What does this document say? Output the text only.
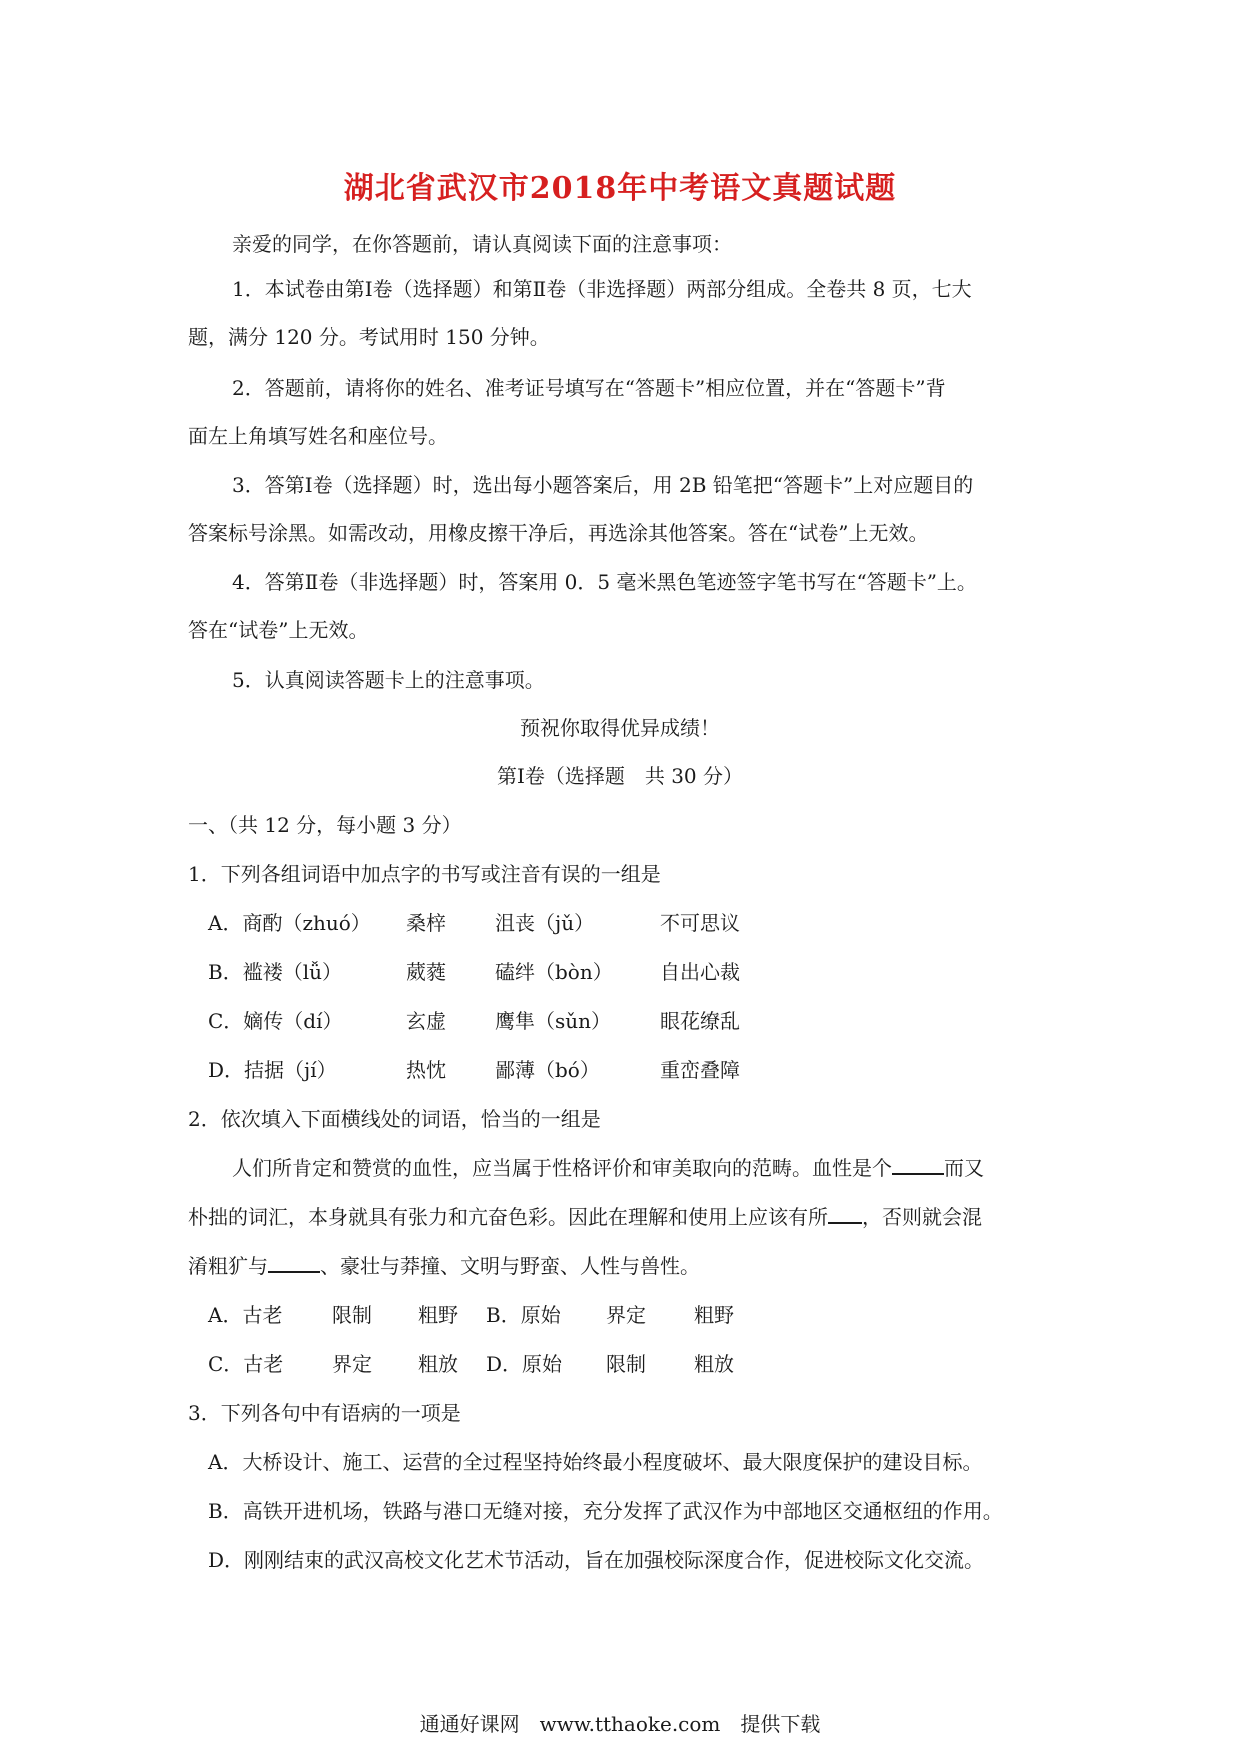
湖北省武汉市2018年中考语文真题试题
亲爱的同学，在你答题前，请认真阅读下面的注意事项：
1．本试卷由第Ⅰ卷（选择题）和第Ⅱ卷（非选择题）两部分组成。全卷共 8 页，七大
题，满分 120 分。考试用时 150 分钟。
2．答题前，请将你的姓名、准考证号填写在“答题卡”相应位置，并在“答题卡”背
面左上角填写姓名和座位号。
3．答第Ⅰ卷（选择题）时，选出每小题答案后，用 2B 铅笔把“答题卡”上对应题目的
答案标号涂黑。如需改动，用橡皮擦干净后，再选涂其他答案。答在“试卷”上无效。
4．答第Ⅱ卷（非选择题）时，答案用 0．5 毫米黑色笔迹签字笔书写在“答题卡”上。
答在“试卷”上无效。
5．认真阅读答题卡上的注意事项。
预祝你取得优异成绩！
第Ⅰ卷（选择题　共 30 分）
一、（共 12 分，每小题 3 分）
1．下列各组词语中加点字的书写或注音有误的一组是
A．商酌（zhuó） 桑梓 沮丧（jǔ）	不可思议
B．褴褛（lǚ）	葳蕤 磕绊（bòn） 自出心裁
C．嫡传（dí）	玄虚 鹰隼（sǔn） 眼花缭乱
D．拮据（jí）	热忱 鄙薄（bó）	重峦叠障
2．依次填入下面横线处的词语，恰当的一组是
人们所肯定和赞赏的血性，应当属于性格评价和审美取向的范畴。血性是个	而又
朴拙的词汇，本身就具有张力和亢奋色彩。因此在理解和使用上应该有所 ，否则就会混
淆粗犷与	、豪壮与莽撞、文明与野蛮、人性与兽性。
A．古老 限制 粗野 B．原始 界定 粗野
C．古老 界定 粗放 D．原始 限制 粗放
3．下列各句中有语病的一项是
A．大桥设计、施工、运营的全过程坚持始终最小程度破坏、最大限度保护的建设目标。
B．高铁开进机场，铁路与港口无缝对接，充分发挥了武汉作为中部地区交通枢纽的作用。
D．刚刚结束的武汉高校文化艺术节活动，旨在加强校际深度合作，促进校际文化交流。
通通好课网　www.tthaoke.com　提供下载
